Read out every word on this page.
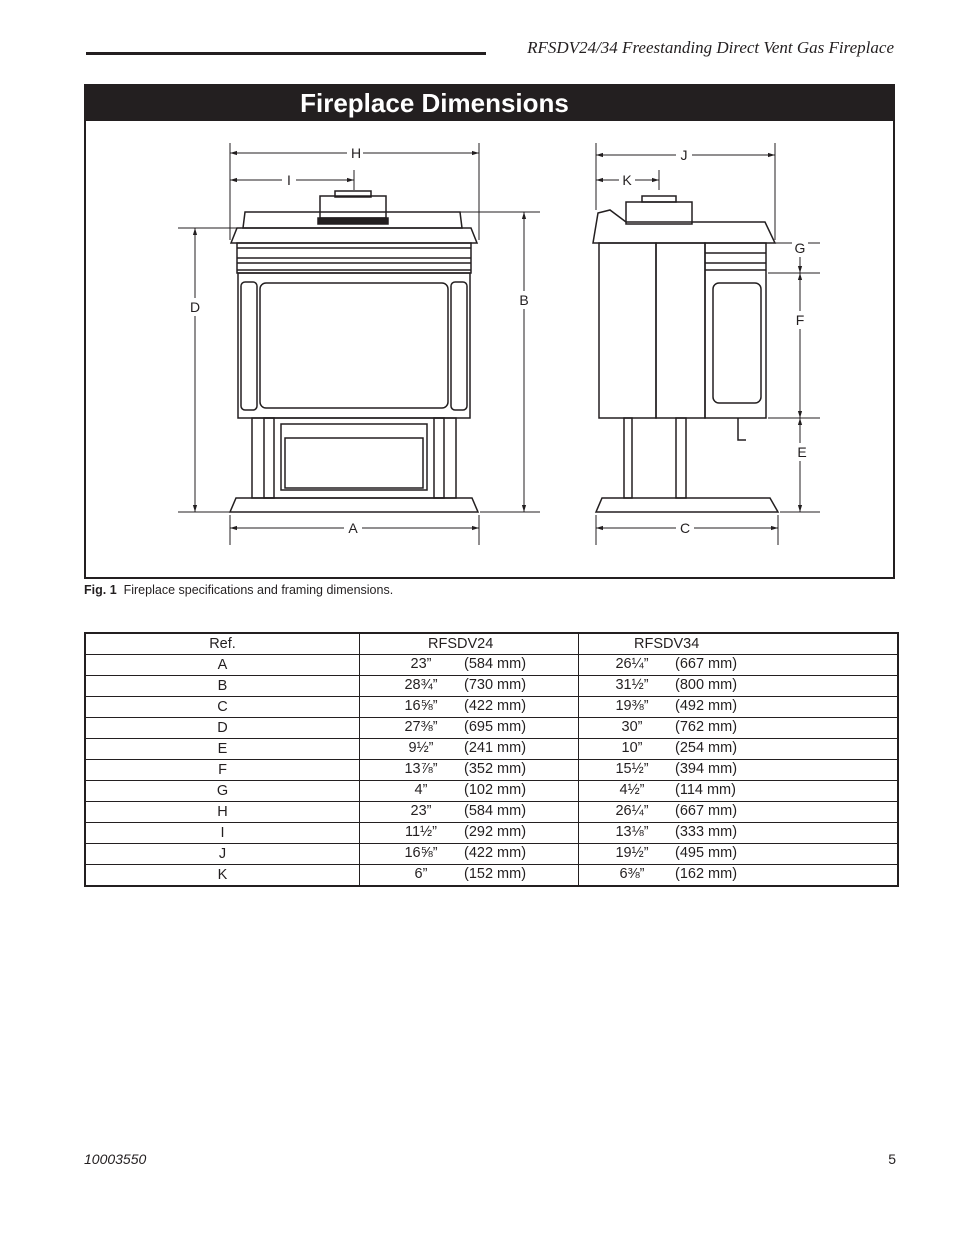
RFSDV24/34 Freestanding Direct Vent Gas Fireplace
Fireplace Dimensions
H
I
J
K
D	B
G
F
E
A	C
Fig. 1 Fireplace specifications and framing dimensions.
Ref.	RFSDV24	RFSDV34
A	23” (584 mm)	26¼” (667 mm)

B	28¾” (730 mm)	31½” (800 mm)

C	16⅝” (422 mm)	19⅜” (492 mm)

D	27⅜” (695 mm)	30” (762 mm)

E	9½” (241 mm)	10” (254 mm)

F	13⅞” (352 mm)	15½” (394 mm)

G	4” (102 mm)	4½” (114 mm)

H	23” (584 mm)	26¼” (667 mm)

I	11½” (292 mm)	13⅛” (333 mm)

J	16⅝” (422 mm)	19½” (495 mm)

K	6” (152 mm)	6⅜” (162 mm)
10003550	5
